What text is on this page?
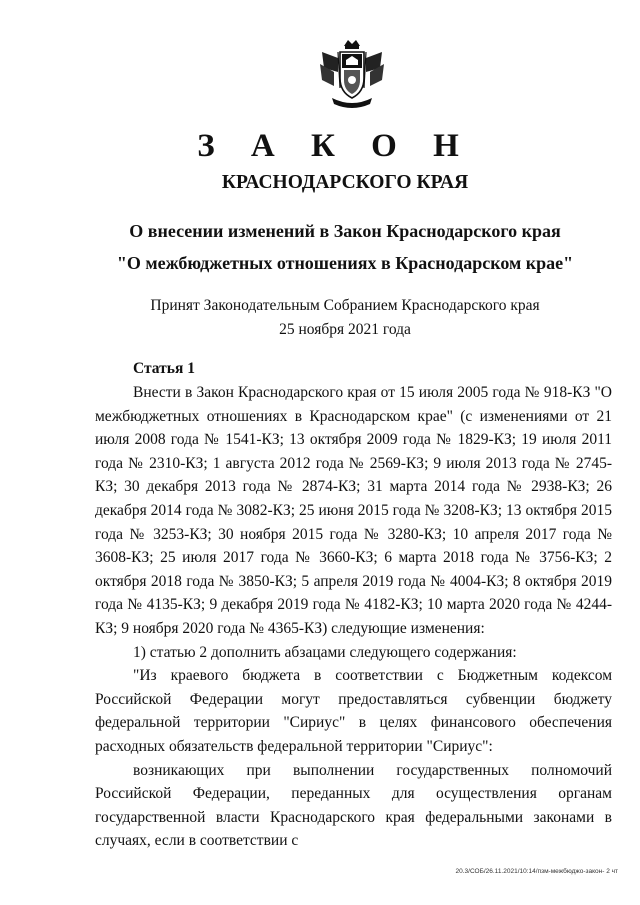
З А К О Н
КРАСНОДАРСКОГО КРАЯ
О внесении изменений в Закон Краснодарского края
"О межбюджетных отношениях в Краснодарском крае"
Принят Законодательным Собранием Краснодарского края
25 ноября 2021 года
Статья 1

Внести в Закон Краснодарского края от 15 июля 2005 года № 918-КЗ "О межбюджетных отношениях в Краснодарском крае" (с изменениями от 21 июля 2008 года № 1541-КЗ; 13 октября 2009 года № 1829-КЗ; 19 июля 2011 года № 2310-КЗ; 1 августа 2012 года № 2569-КЗ; 9 июля 2013 года № 2745-КЗ; 30 декабря 2013 года № 2874-КЗ; 31 марта 2014 года № 2938-КЗ; 26 декабря 2014 года № 3082-КЗ; 25 июня 2015 года № 3208-КЗ; 13 октября 2015 года № 3253-КЗ; 30 ноября 2015 года № 3280-КЗ; 10 апреля 2017 года № 3608-КЗ; 25 июля 2017 года № 3660-КЗ; 6 марта 2018 года № 3756-КЗ; 2 октября 2018 года № 3850-КЗ; 5 апреля 2019 года № 4004-КЗ; 8 октября 2019 года № 4135-КЗ; 9 декабря 2019 года № 4182-КЗ; 10 марта 2020 года № 4244-КЗ; 9 ноября 2020 года № 4365-КЗ) следующие изменения:

1) статью 2 дополнить абзацами следующего содержания:

"Из краевого бюджета в соответствии с Бюджетным кодексом Российской Федерации могут предоставляться субвенции бюджету федеральной территории "Сириус" в целях финансового обеспечения расходных обязательств федеральной территории "Сириус":

возникающих при выполнении государственных полномочий Российской Федерации, переданных для осуществления органам государственной власти Краснодарского края федеральными законами в случаях, если в соответствии с

20.3/СОБ/26.11.2021/10:14/пзм-межбюджо-закон- 2 чт
